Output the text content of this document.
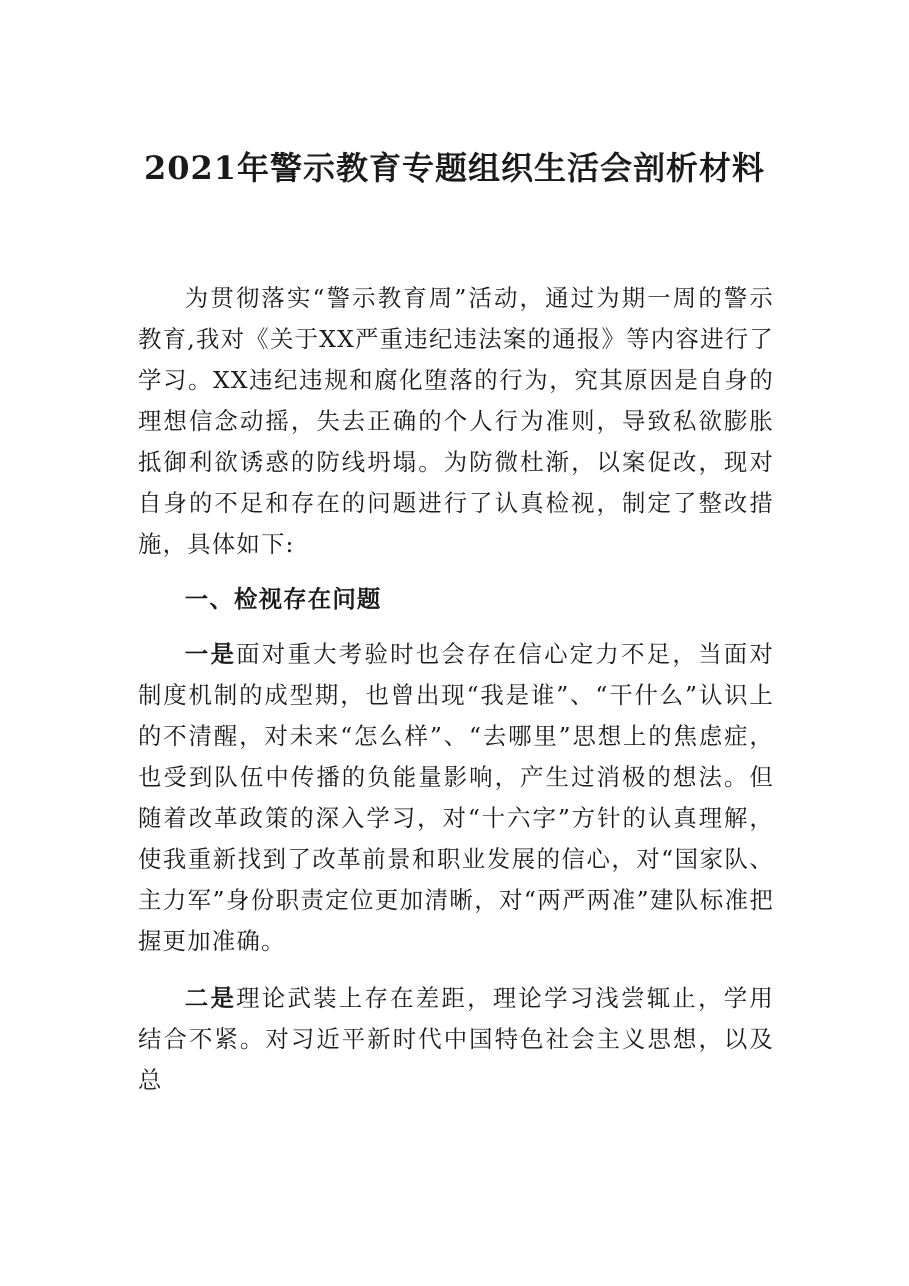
2021年警示教育专题组织生活会剖析材料

为贯彻落实“警示教育周”活动，通过为期一周的警示教育,我对《关于XX严重违纪违法案的通报》等内容进行了学习。XX违纪违规和腐化堕落的行为，究其原因是自身的理想信念动摇，失去正确的个人行为准则，导致私欲膨胀抵御利欲诱惑的防线坍塌。为防微杜渐，以案促改，现对自身的不足和存在的问题进行了认真检视，制定了整改措施，具体如下:

一、检视存在问题

一是面对重大考验时也会存在信心定力不足，当面对制度机制的成型期，也曾出现“我是谁”、“干什么”认识上的不清醒，对未来“怎么样”、“去哪里”思想上的焦虑症，也受到队伍中传播的负能量影响，产生过消极的想法。但随着改革政策的深入学习，对“十六字”方针的认真理解，使我重新找到了改革前景和职业发展的信心，对“国家队、主力军”身份职责定位更加清晰，对“两严两准”建队标准把握更加准确。

二是理论武装上存在差距，理论学习浅尝辄止，学用结合不紧。对习近平新时代中国特色社会主义思想，以及总
